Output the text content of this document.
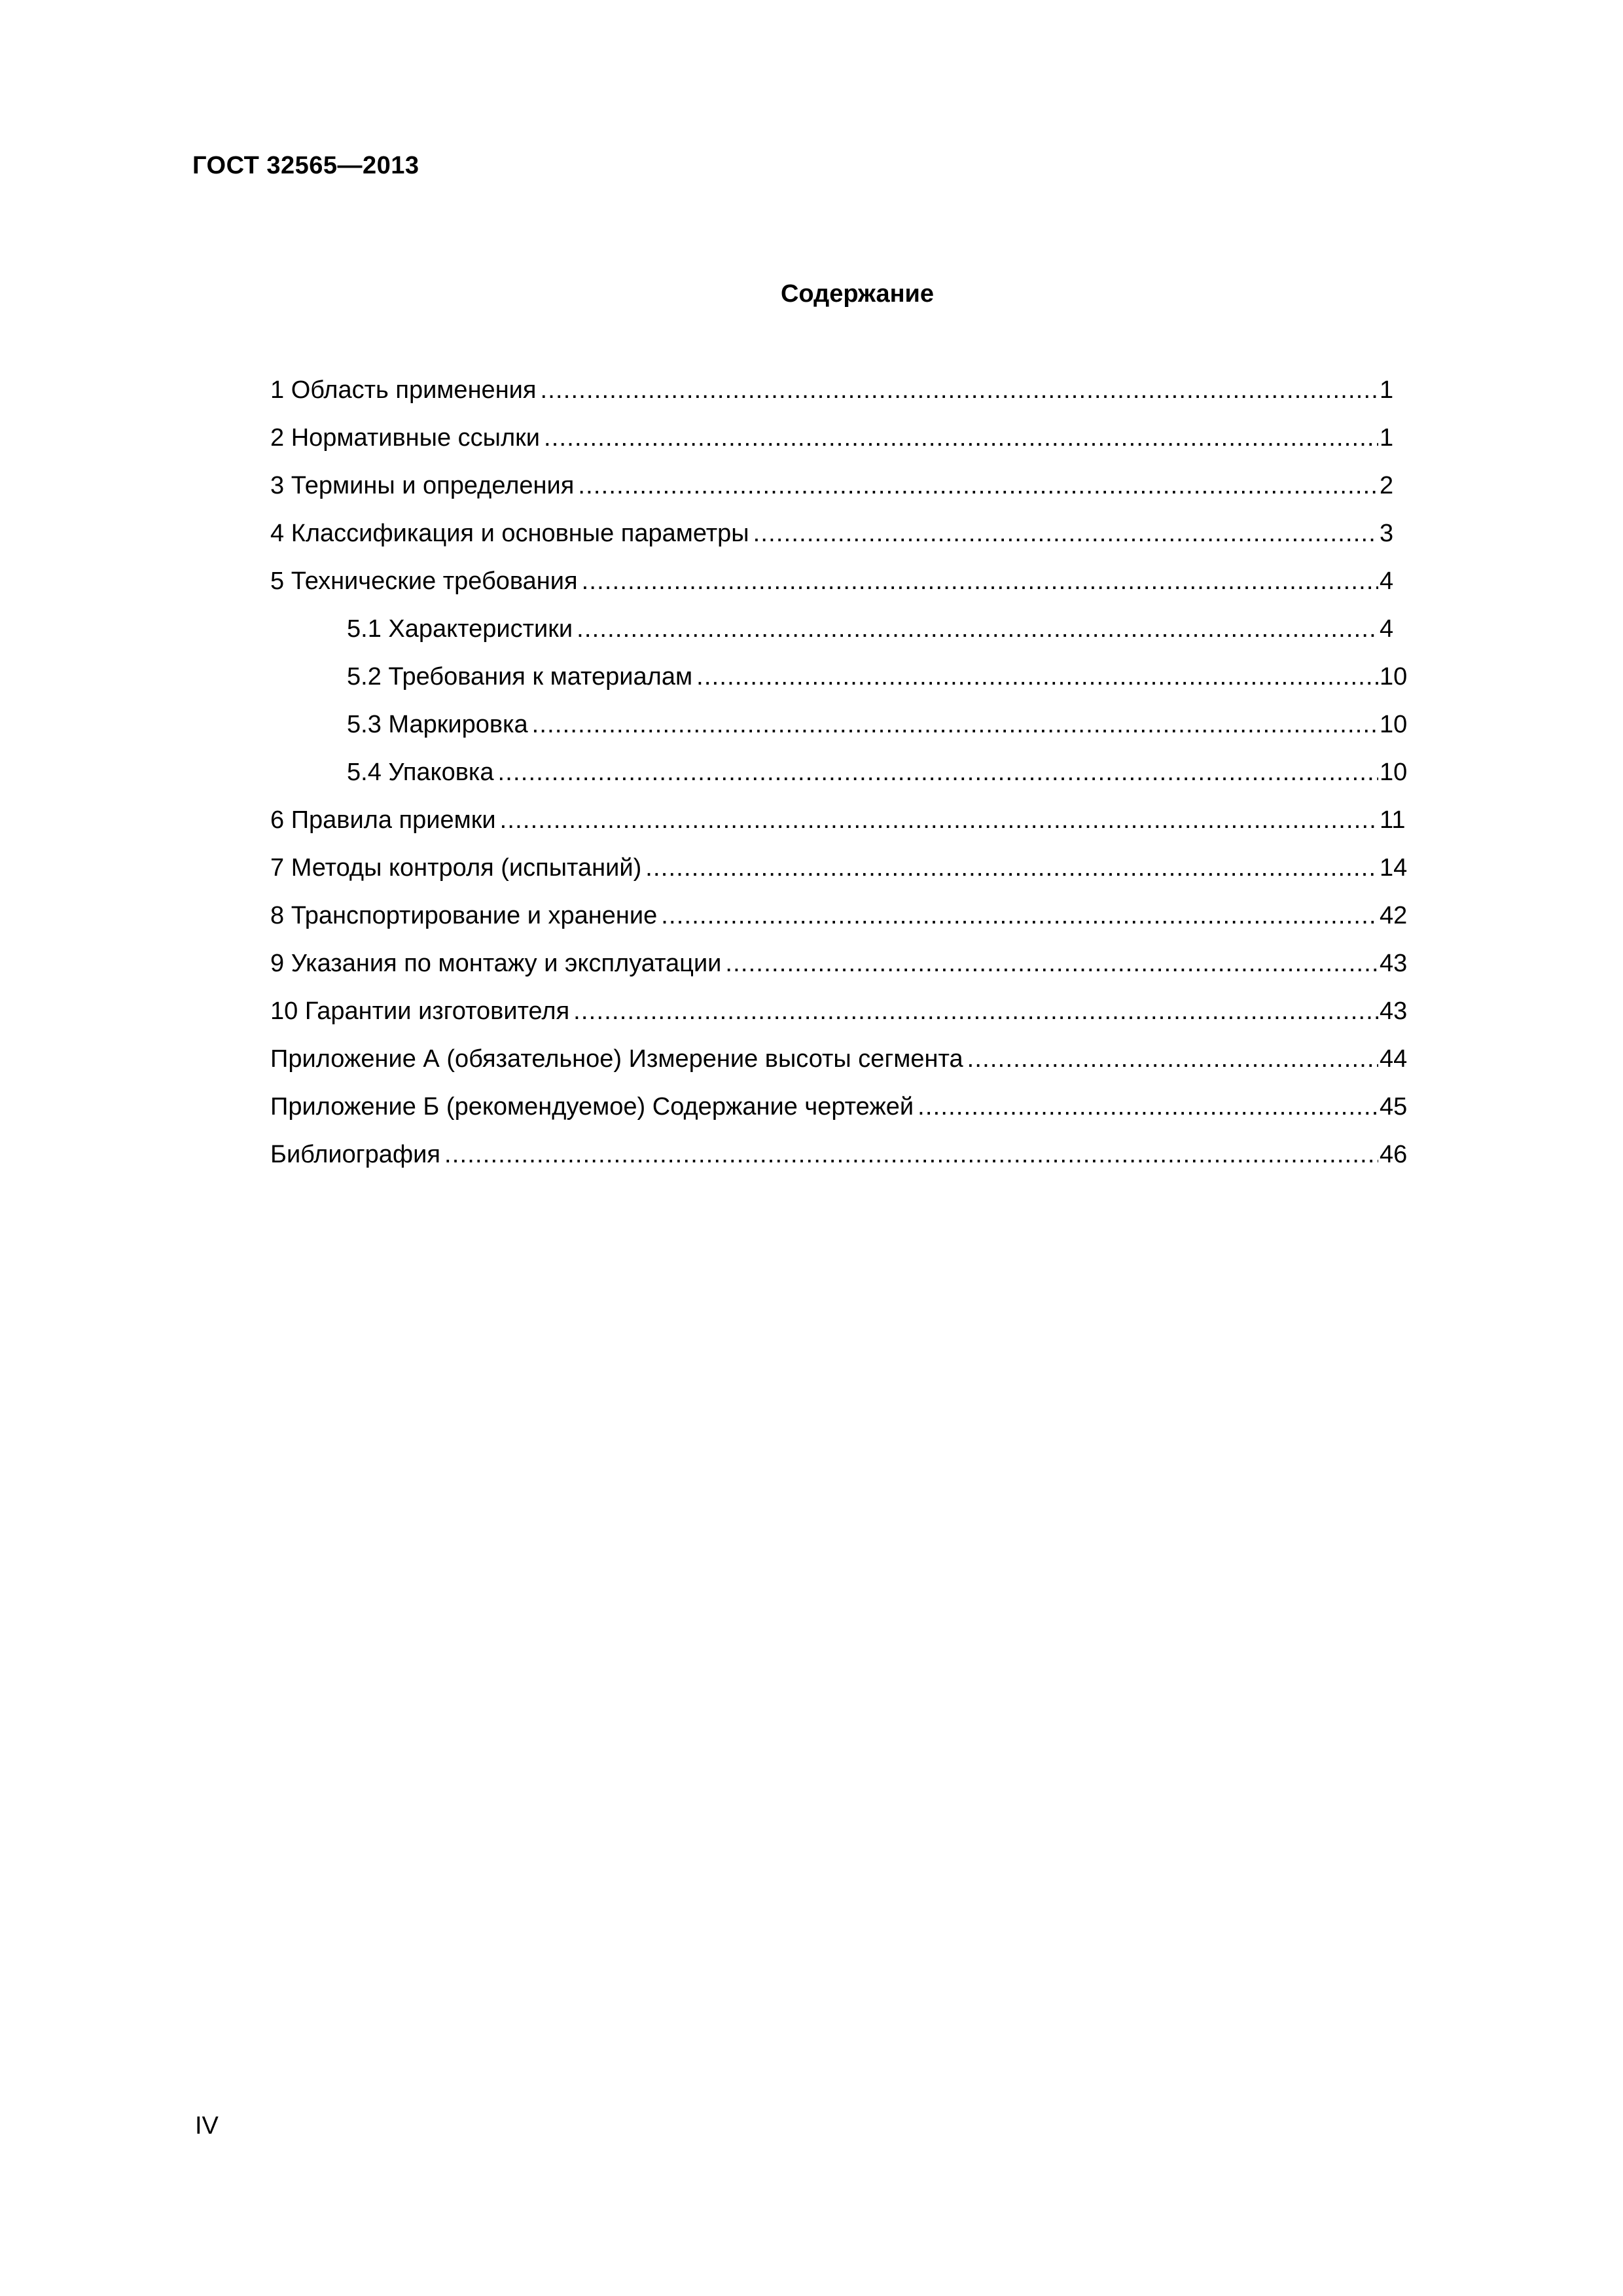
ГОСТ 32565—2013
Содержание
1 Область применения .....	1
2 Нормативные ссылки .....	1
3 Термины и определения .....	2
4 Классификация и основные параметры .....	3
5 Технические требования .....	4
5.1 Характеристики .....	4
5.2 Требования к материалам .....	10
5.3 Маркировка .....	10
5.4 Упаковка .....	10
6 Правила приемки .....	11
7 Методы контроля (испытаний) .....	14
8 Транспортирование и хранение .....	42
9 Указания по монтажу и эксплуатации .....	43
10 Гарантии изготовителя .....	43
Приложение А (обязательное) Измерение высоты сегмента .....	44
Приложение Б (рекомендуемое) Содержание чертежей .....	45
Библиография .....	46
IV
